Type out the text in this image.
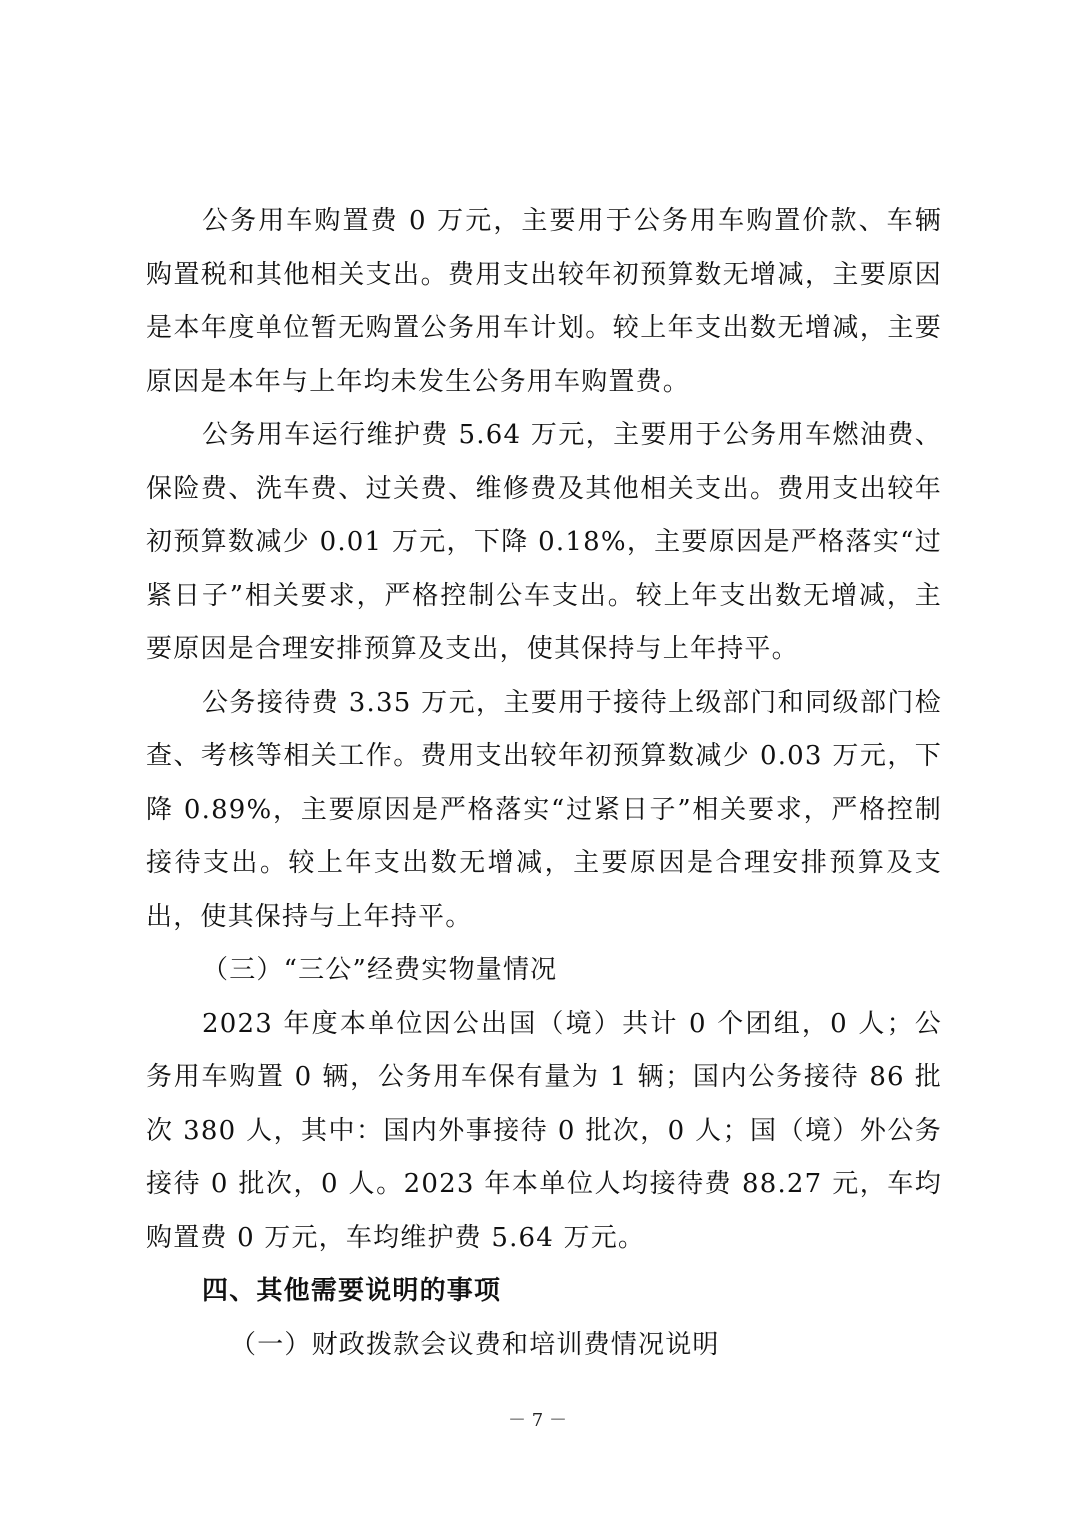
公务用车购置费 0 万元，主要用于公务用车购置价款、车辆购置税和其他相关支出。费用支出较年初预算数无增减，主要原因是本年度单位暂无购置公务用车计划。较上年支出数无增减，主要原因是本年与上年均未发生公务用车购置费。

公务用车运行维护费 5.64 万元，主要用于公务用车燃油费、保险费、洗车费、过关费、维修费及其他相关支出。费用支出较年初预算数减少 0.01 万元，下降 0.18%，主要原因是严格落实“过紧日子”相关要求，严格控制公车支出。较上年支出数无增减，主要原因是合理安排预算及支出，使其保持与上年持平。

公务接待费 3.35 万元，主要用于接待上级部门和同级部门检查、考核等相关工作。费用支出较年初预算数减少 0.03 万元，下降 0.89%，主要原因是严格落实“过紧日子”相关要求，严格控制接待支出。较上年支出数无增减，主要原因是合理安排预算及支出，使其保持与上年持平。

（三）“三公”经费实物量情况

2023 年度本单位因公出国（境）共计 0 个团组，0 人；公务用车购置 0 辆，公务用车保有量为 1 辆；国内公务接待 86 批次 380 人，其中：国内外事接待 0 批次，0 人；国（境）外公务接待 0 批次，0 人。2023 年本单位人均接待费 88.27 元，车均购置费 0 万元，车均维护费 5.64 万元。

四、其他需要说明的事项

（一）财政拨款会议费和培训费情况说明

－ 7 －
